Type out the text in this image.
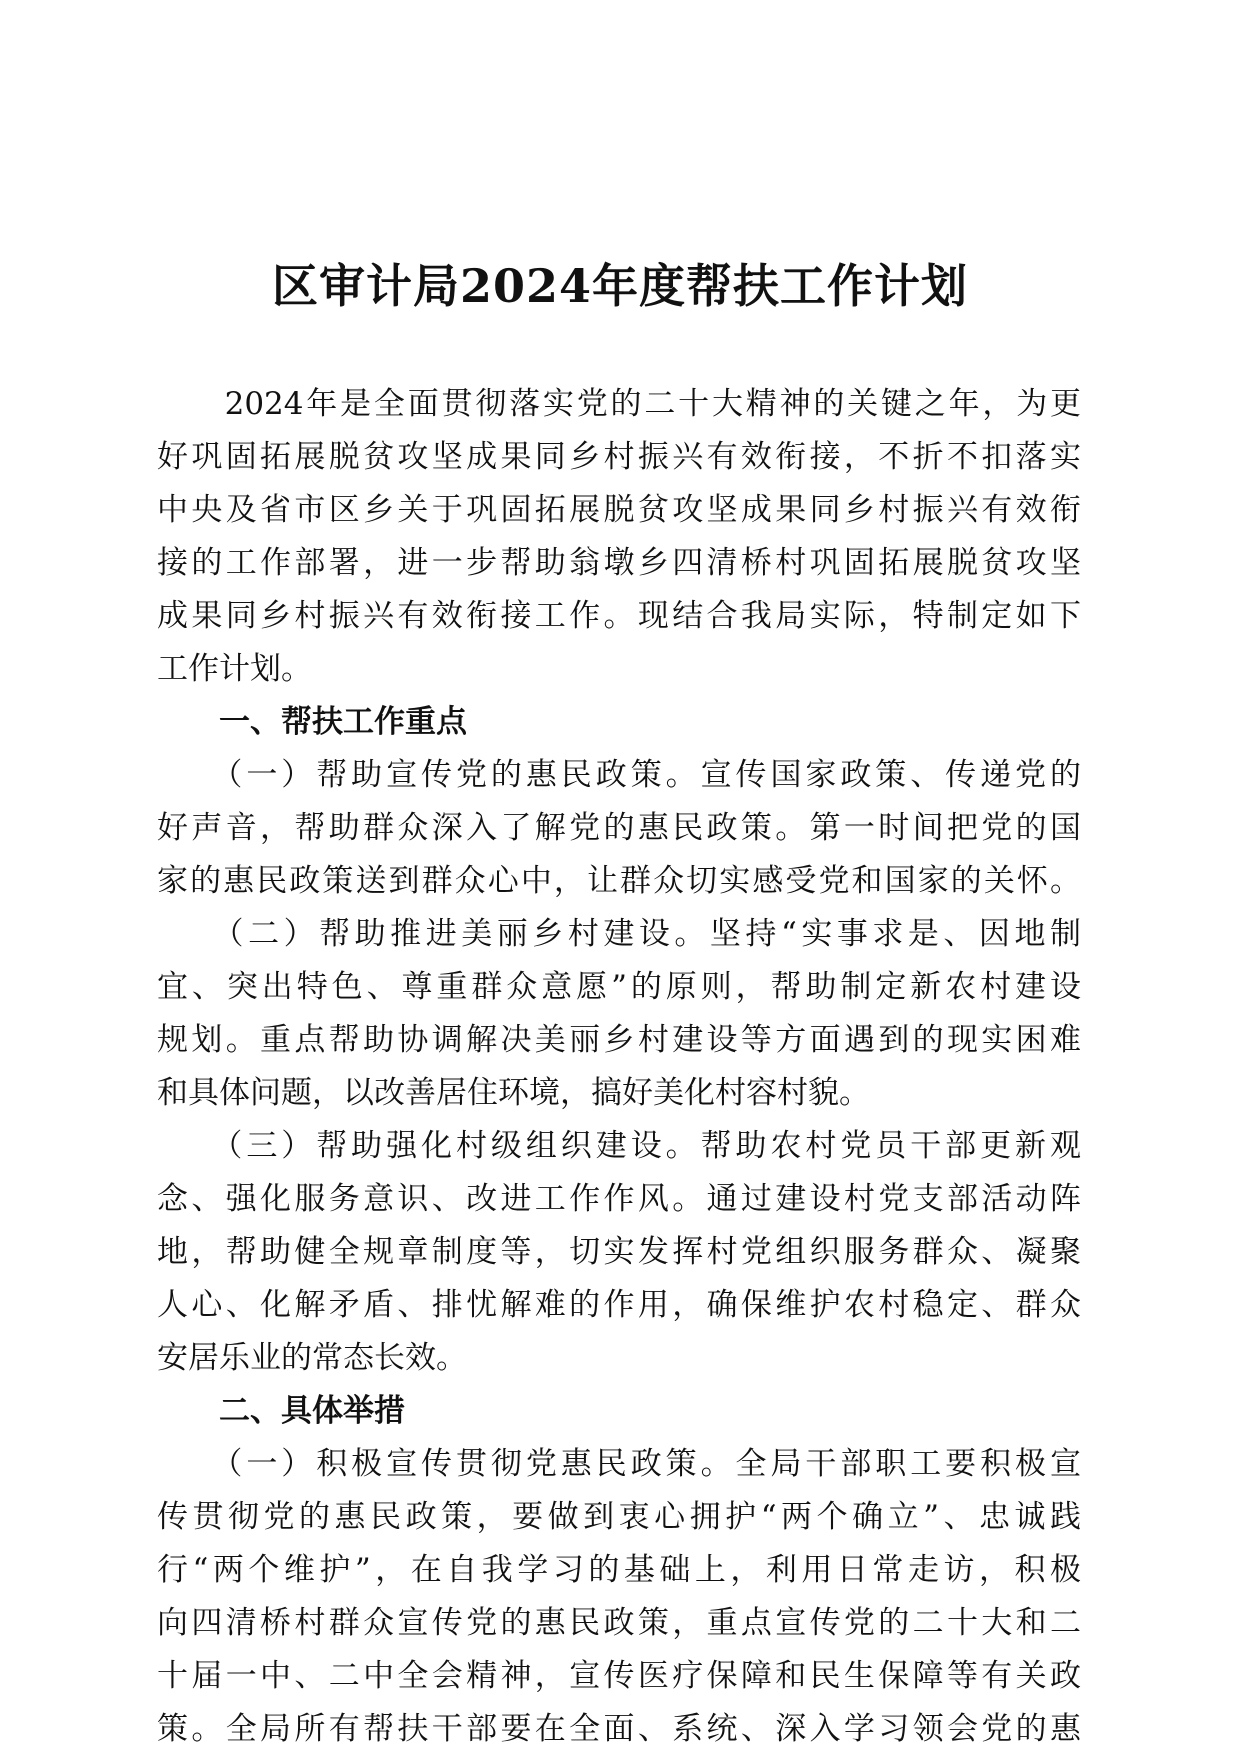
区审计局2024年度帮扶工作计划
　　2024年是全面贯彻落实党的二十大精神的关键之年，为更
好巩固拓展脱贫攻坚成果同乡村振兴有效衔接，不折不扣落实
中央及省市区乡关于巩固拓展脱贫攻坚成果同乡村振兴有效衔
接的工作部署，进一步帮助翁墩乡四清桥村巩固拓展脱贫攻坚
成果同乡村振兴有效衔接工作。现结合我局实际，特制定如下
工作计划。
一、帮扶工作重点
　　（一）帮助宣传党的惠民政策。宣传国家政策、传递党的
好声音，帮助群众深入了解党的惠民政策。第一时间把党的国
家的惠民政策送到群众心中，让群众切实感受党和国家的关怀。
　　（二）帮助推进美丽乡村建设。坚持“实事求是、因地制
宜、突出特色、尊重群众意愿”的原则，帮助制定新农村建设
规划。重点帮助协调解决美丽乡村建设等方面遇到的现实困难
和具体问题，以改善居住环境，搞好美化村容村貌。
　　（三）帮助强化村级组织建设。帮助农村党员干部更新观
念、强化服务意识、改进工作作风。通过建设村党支部活动阵
地，帮助健全规章制度等，切实发挥村党组织服务群众、凝聚
人心、化解矛盾、排忧解难的作用，确保维护农村稳定、群众
安居乐业的常态长效。
二、具体举措
　　（一）积极宣传贯彻党惠民政策。全局干部职工要积极宣
传贯彻党的惠民政策，要做到衷心拥护“两个确立”、忠诚践
行“两个维护”，在自我学习的基础上，利用日常走访，积极
向四清桥村群众宣传党的惠民政策，重点宣传党的二十大和二
十届一中、二中全会精神，宣传医疗保障和民生保障等有关政
策。全局所有帮扶干部要在全面、系统、深入学习领会党的惠
